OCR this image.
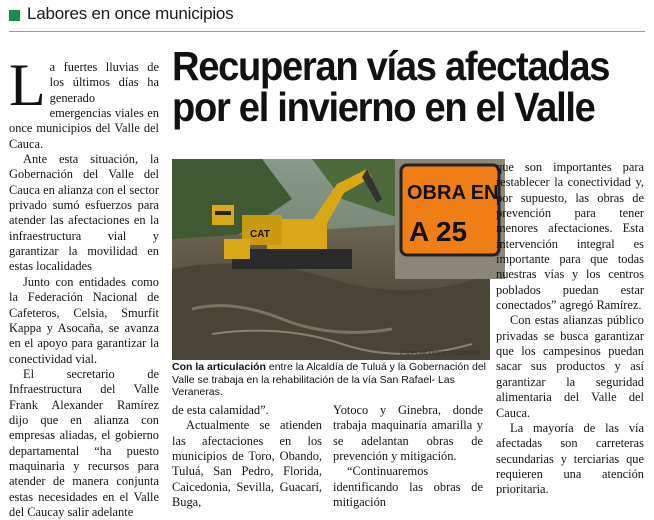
Labores en once municipios
Recuperan vías afectadas por el invierno en el Valle

L a fuertes lluvias de los últimos días ha generado emergencias viales en once municipios del Valle del Cauca.

Ante esta situación, la Gobernación del Valle del Cauca en alianza con el sector privado sumó esfuerzos para atender las afectaciones en la infraestructura vial y garantizar la movilidad en estas localidades

Junto con entidades como la Federación Nacional de Cafeteros, Celsia, Smurfit Kappa y Asocaña, se avanza en el apoyo para garantizar la conectividad vial.

El secretario de Infraestructura del Valle Frank Alexander Ramírez dijo que en alianza con empresas aliadas, el gobierno departamental “ha puesto maquinaria y recursos para atender de manera conjunta estas necesidades en el Valle del Caucay salir adelante

CAT
OBRA EN
A 25
Especial Diario Occidente
Con la articulación entre la Alcaldía de Tuluá y la Gobernación del Valle se trabaja en la rehabilitación de la vía San Rafael- Las Veraneras.

de esta calamidad”.

Actualmente se atienden las afectaciones en los municipios de Toro, Obando, Tuluá, San Pedro, Florida, Caicedonia, Sevilla, Guacarí, Buga,

Yotoco y Ginebra, donde trabaja maquinaria amarilla y se adelantan obras de prevención y mitigación.

“Continuaremos identificando las obras de mitigación

que son importantes para restablecer la conectividad y, por supuesto, las obras de prevención para tener menores afectaciones. Esta intervención integral es importante para que todas nuestras vías y los centros poblados puedan estar conectados” agregó Ramírez.

Con estas alianzas público privadas se busca garantizar que los campesinos puedan sacar sus productos y así garantizar la seguridad alimentaria del Valle del Cauca.

La mayoría de las vía afectadas son carreteras secundarias y terciarias que requieren una atención prioritaria.
